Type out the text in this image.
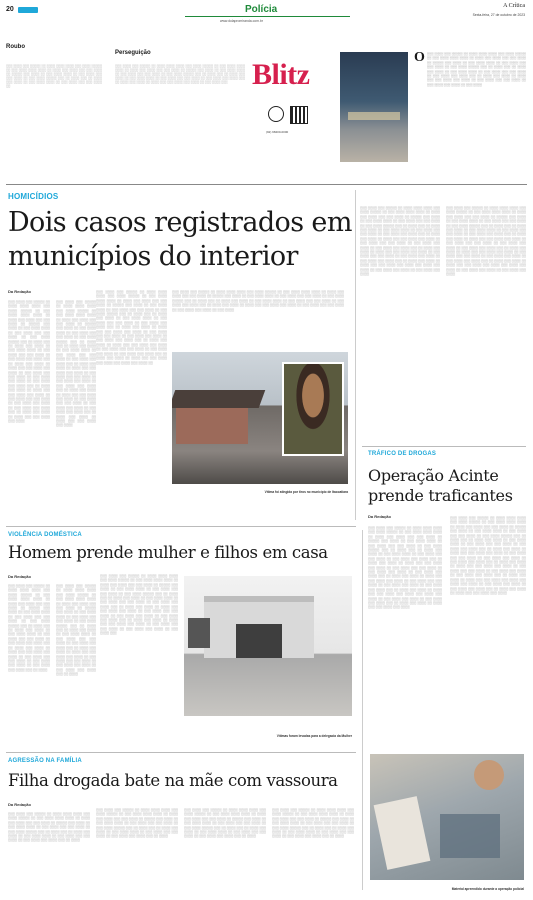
20	Polícia
www.dolapromiranda.com.br
A Crítica
Sexta-feira, 27 de outubro de 2023
Roubo
░░░ ░░░░ ░░░ ░░░░░ ░░ ░░░░ ░░░░ ░░░░ ░░░ ░░░░ ░░░░░ ░░ ░░░ ░░░░ ░░░░ ░░░░ ░░ ░░░░ ░░░ ░░░░ ░░░ ░░░ ░░░░ ░░ ░░░░░ ░░░ ░░░░ ░░ ░░░ ░░░░ ░░░░ ░░ ░░░ ░░░░ ░░░ ░░░ ░░░░ ░░ ░░░ ░░░░ ░░░░░ ░░░ ░░ ░░░░ ░░░ ░░ ░░░░ ░░░ ░░░░ ░░ ░░░ ░░░░ ░░░░ ░░ ░░░ ░░░░ ░░░ ░░░ ░░░░ ░░
Perseguição
░░░ ░░░░ ░░░ ░░░░░ ░░ ░░░░ ░░░░ ░░░░ ░░░ ░░░░ ░░░░░ ░░ ░░░ ░░░░ ░░░░ ░░░░ ░░ ░░░░ ░░░ ░░░░ ░░░ ░░░ ░░░░ ░░ ░░░░░ ░░░ ░░░░ ░░ ░░░ ░░░░ ░░░░ ░░ ░░░ ░░░░ ░░░ ░░░ ░░░░ ░░ ░░░ ░░░░ ░░░░░ ░░░ ░░ ░░░░ ░░░ ░░ ░░░░ ░░░ ░░░░ ░░ ░░░ ░░░░ ░░░░ ░░ ░░░ ░░░░ ░░░ ░░░ ░░░░ ░░ ░░░ ░░░░ ░░░ ░░░░ ░░░ ░░ ░░░░ ░░░ ░░░░ ░░ ░░░░ ░░░ ░░░ ░░░░ ░░░ ░░░░ ░░ ░░░ ░░░░ ░░░ Blitz
(92) 98400-0000
O ░░░ ░░░░ ░░░ ░░░░░ ░░ ░░░░ ░░░░ ░░░░ ░░░ ░░░░ ░░░░░ ░░ ░░░ ░░░░ ░░░░ ░░░░ ░░ ░░░░ ░░░ ░░░░ ░░░ ░░░ ░░░░ ░░ ░░░░░ ░░░ ░░░░ ░░ ░░░ ░░░░ ░░░░ ░░ ░░░ ░░░░ ░░░ ░░░ ░░░░ ░░ ░░░ ░░░░ ░░░░░ ░░░ ░░ ░░░░ ░░░ ░░ ░░░░ ░░░ ░░░░ ░░ ░░░ ░░░░ ░░░░ ░░ ░░░ ░░░░ ░░░ ░░░ ░░░░ ░░ ░░░ ░░░░ ░░░ ░░░░ ░░░ ░░ ░░░░ ░░░ ░░░░ ░░ ░░░░ ░░░ ░░░ ░░░░ ░░░ ░░░░ ░░ ░░░ ░░░░ ░░░ ░░░ ░░░░ ░░ ░░░ ░░░░ ░░░ ░░░░ ░░ ░░░ ░░░░
HOMICÍDIOS
Dois casos registrados em municípios do interior
Da Redação
░░░ ░░░░ ░░░ ░░░░░ ░░ ░░░░ ░░░░ ░░░░ ░░░ ░░░░ ░░░░░ ░░ ░░░ ░░░░ ░░░░ ░░░░ ░░ ░░░░ ░░░ ░░░░ ░░░ ░░░ ░░░░ ░░ ░░░░░ ░░░ ░░░░ ░░ ░░░ ░░░░ ░░░░ ░░ ░░░ ░░░░ ░░░ ░░░ ░░░░ ░░ ░░░ ░░░░ ░░░░░ ░░░ ░░ ░░░░ ░░░ ░░ ░░░░ ░░░ ░░░░ ░░ ░░░ ░░░░ ░░░░ ░░ ░░░ ░░░░ ░░░ ░░░ ░░░░ ░░ ░░░ ░░░░ ░░░ ░░░░ ░░░ ░░ ░░░░ ░░░ ░░░░ ░░ ░░░░ ░░░ ░░░ ░░░░ ░░░ ░░░░ ░░ ░░░ ░░░░ ░░░ ░░░ ░░░░ ░░ ░░░ ░░░░ ░░░ ░░░░ ░░ ░░░ ░░░░ ░░░ ░░░░ ░░░ ░░ ░░░░ ░░░ ░░░░ ░░ ░░░░ ░░░ ░░░ ░░░░ ░░░ ░░░░ ░░ ░░░ ░░░░ ░░░ ░░░ ░░░░ ░░ ░░░ ░░░░ ░░░ ░░░░ ░░ ░░░ ░░░░ ░░░ ░░░░ ░░░ ░░ ░░░░ ░░░ ░░░░ ░░ ░░░░ ░░░ ░░░ ░░░░ ░░░ ░░░░
░░░ ░░░░ ░░░ ░░░░░ ░░ ░░░░ ░░░░ ░░░░ ░░░ ░░░░ ░░░░░ ░░ ░░░ ░░░░ ░░░░ ░░░░ ░░ ░░░░ ░░░ ░░░░ ░░░ ░░░ ░░░░ ░░ ░░░░░ ░░░ ░░░░ ░░ ░░░ ░░░░ ░░░░ ░░ ░░░ ░░░░ ░░░ ░░░ ░░░░ ░░ ░░░ ░░░░ ░░░░░ ░░░ ░░ ░░░░ ░░░ ░░ ░░░░ ░░░ ░░░░ ░░ ░░░ ░░░░ ░░░░ ░░ ░░░ ░░░░ ░░░ ░░░ ░░░░ ░░ ░░░ ░░░░ ░░░ ░░░░ ░░░ ░░ ░░░░ ░░░ ░░░░ ░░ ░░░░ ░░░ ░░░ ░░░░ ░░░ ░░░░ ░░ ░░░ ░░░░ ░░░ ░░░ ░░░░ ░░ ░░░ ░░░░ ░░░ ░░░░ ░░ ░░░ ░░░░ ░░░ ░░░░ ░░░ ░░ ░░░░ ░░░ ░░░░ ░░ ░░░░ ░░░ ░░░ ░░░░ ░░░ ░░░░ ░░ ░░░ ░░░░ ░░░ ░░░ ░░░░ ░░ ░░░ ░░░░ ░░░ ░░░░ ░░ ░░░ ░░░░ ░░░ ░░░░ ░░░ ░░ ░░░░ ░░░ ░░░░ ░░ ░░░░ ░░░ ░░░ ░░░░ ░░░ ░░░░
░░░ ░░░░ ░░░ ░░░░░ ░░ ░░░░ ░░░░ ░░░░ ░░░ ░░░░ ░░░░░ ░░ ░░░ ░░░░ ░░░░ ░░░░ ░░ ░░░░ ░░░ ░░░░ ░░░ ░░░ ░░░░ ░░ ░░░░░ ░░░ ░░░░ ░░ ░░░ ░░░░ ░░░░ ░░ ░░░ ░░░░ ░░░ ░░░ ░░░░ ░░ ░░░ ░░░░ ░░░░░ ░░░ ░░ ░░░░ ░░░ ░░ ░░░░ ░░░ ░░░░ ░░ ░░░ ░░░░ ░░░░ ░░ ░░░ ░░░░ ░░░ ░░░ ░░░░ ░░ ░░░ ░░░░ ░░░ ░░░░ ░░░ ░░ ░░░░ ░░░ ░░░░ ░░ ░░░░ ░░░ ░░░ ░░░░ ░░░ ░░░░ ░░ ░░░ ░░░░ ░░░ ░░░ ░░░░ ░░ ░░░ ░░░░ ░░░ ░░░░ ░░ ░░░ ░░░░ ░░░ ░░░░ ░░░ ░░ ░░░░ ░░░ ░░░░ ░░ ░░░░ ░░░ ░░░ ░░░░ ░░░ ░░░░ ░░ ░░░ ░░░░ ░░░ ░░░ ░░░░ ░░ ░░░ ░░░░ ░░░ ░░░░ ░░ ░░░ ░░░░ ░░░ ░░░░ ░░░ ░░ ░░░░ ░░░ ░░░░ ░░ ░░░░ ░░░ ░░░ ░░░░ ░░░ ░░░░ ░░░ ░░░░ ░░░ ░░░░ ░░
░░░ ░░░░ ░░░ ░░░░░ ░░ ░░░░ ░░░░ ░░░░ ░░░ ░░░░ ░░░░░ ░░ ░░░ ░░░░ ░░░░ ░░░░ ░░ ░░░░ ░░░ ░░░░ ░░░ ░░░ ░░░░ ░░ ░░░░░ ░░░ ░░░░ ░░ ░░░ ░░░░ ░░░░ ░░ ░░░ ░░░░ ░░░ ░░░ ░░░░ ░░ ░░░ ░░░░ ░░░░░ ░░░ ░░ ░░░░ ░░░ ░░ ░░░░ ░░░ ░░░░ ░░ ░░░ ░░░░ ░░░░ ░░ ░░░ ░░░░ ░░░ ░░░ ░░░░ ░░ ░░░ ░░░░ ░░░ ░░░░ ░░░ ░░ ░░░░ ░░░ ░░░░ ░░ ░░░░ ░░░ ░░░ ░░░░ ░░░ ░░░░ ░░ ░░░ ░░░░ ░░░ ░░░ ░░░░ ░░ ░░░ ░░░░ ░░░ ░░░░ ░░ ░░░ ░░░░
Vítima foi atingida por tiros no município de Itacoatiara
░░░ ░░░░ ░░░ ░░░░░ ░░ ░░░░ ░░░░ ░░░░ ░░░ ░░░░ ░░░░░ ░░ ░░░ ░░░░ ░░░░ ░░░░ ░░ ░░░░ ░░░ ░░░░ ░░░ ░░░ ░░░░ ░░ ░░░░░ ░░░ ░░░░ ░░ ░░░ ░░░░ ░░░░ ░░ ░░░ ░░░░ ░░░ ░░░ ░░░░ ░░ ░░░ ░░░░ ░░░░░ ░░░ ░░ ░░░░ ░░░ ░░ ░░░░ ░░░ ░░░░ ░░ ░░░ ░░░░ ░░░░ ░░ ░░░ ░░░░ ░░░ ░░░ ░░░░ ░░ ░░░ ░░░░ ░░░ ░░░░ ░░░ ░░ ░░░░ ░░░ ░░░░ ░░ ░░░░ ░░░ ░░░ ░░░░ ░░░ ░░░░ ░░ ░░░ ░░░░ ░░░ ░░░ ░░░░ ░░ ░░░ ░░░░ ░░░ ░░░░ ░░ ░░░ ░░░░ ░░░ ░░░░ ░░░ ░░ ░░░░ ░░░ ░░░░ ░░ ░░░░ ░░░ ░░░ ░░░░ ░░░ ░░░░ ░░ ░░░ ░░░░ ░░░ ░░░ ░░░░ ░░ ░░░ ░░░░ ░░░ ░░░░ ░░ ░░░ ░░░░ ░░░ ░░░░ ░░░ ░░ ░░░░ ░░░ ░░░░ ░░ ░░░░ ░░░ ░░░ ░░░░ ░░░ ░░░░ ░░░ ░░░░ ░░░ ░░░░ ░░ ░░░ ░░░░ ░░░ ░░░░ ░░ ░░░ ░░░░ ░░░ ░░░░
░░░ ░░░░ ░░░ ░░░░░ ░░ ░░░░ ░░░░ ░░░░ ░░░ ░░░░ ░░░░░ ░░ ░░░ ░░░░ ░░░░ ░░░░ ░░ ░░░░ ░░░ ░░░░ ░░░ ░░░ ░░░░ ░░ ░░░░░ ░░░ ░░░░ ░░ ░░░ ░░░░ ░░░░ ░░ ░░░ ░░░░ ░░░ ░░░ ░░░░ ░░ ░░░ ░░░░ ░░░░░ ░░░ ░░ ░░░░ ░░░ ░░ ░░░░ ░░░ ░░░░ ░░ ░░░ ░░░░ ░░░░ ░░ ░░░ ░░░░ ░░░ ░░░ ░░░░ ░░ ░░░ ░░░░ ░░░ ░░░░ ░░░ ░░ ░░░░ ░░░ ░░░░ ░░ ░░░░ ░░░ ░░░ ░░░░ ░░░ ░░░░ ░░ ░░░ ░░░░ ░░░ ░░░ ░░░░ ░░ ░░░ ░░░░ ░░░ ░░░░ ░░ ░░░ ░░░░ ░░░ ░░░░ ░░░ ░░ ░░░░ ░░░ ░░░░ ░░ ░░░░ ░░░ ░░░ ░░░░ ░░░ ░░░░ ░░ ░░░ ░░░░ ░░░ ░░░ ░░░░ ░░ ░░░ ░░░░ ░░░ ░░░░ ░░ ░░░ ░░░░ ░░░ ░░░░ ░░░ ░░ ░░░░ ░░░ ░░░░ ░░ ░░░░ ░░░ ░░░ ░░░░ ░░░ ░░░░ ░░░ ░░░░ ░░░ ░░░░ ░░ ░░░ ░░░░ ░░░ ░░░░ ░░ ░░░ ░░░░ ░░░ ░░░░
TRÁFICO DE DROGAS
Operação Acinte prende traficantes
Da Redação
░░░ ░░░░ ░░░ ░░░░░ ░░ ░░░░ ░░░░ ░░░░ ░░░ ░░░░ ░░░░░ ░░ ░░░ ░░░░ ░░░░ ░░░░ ░░ ░░░░ ░░░ ░░░░ ░░░ ░░░ ░░░░ ░░ ░░░░░ ░░░ ░░░░ ░░ ░░░ ░░░░ ░░░░ ░░ ░░░ ░░░░ ░░░ ░░░ ░░░░ ░░ ░░░ ░░░░ ░░░░░ ░░░ ░░ ░░░░ ░░░ ░░ ░░░░ ░░░ ░░░░ ░░ ░░░ ░░░░ ░░░░ ░░ ░░░ ░░░░ ░░░ ░░░ ░░░░ ░░ ░░░ ░░░░ ░░░ ░░░░ ░░░ ░░ ░░░░ ░░░ ░░░░ ░░ ░░░░ ░░░ ░░░ ░░░░ ░░░ ░░░░ ░░ ░░░ ░░░░ ░░░ ░░░ ░░░░ ░░ ░░░ ░░░░ ░░░ ░░░░ ░░ ░░░ ░░░░ ░░░ ░░░░ ░░░ ░░ ░░░░ ░░░ ░░░░ ░░ ░░░░ ░░░ ░░░ ░░░░ ░░░ ░░░░ ░░ ░░░ ░░░░ ░░░ ░░░ ░░░░ ░░ ░░░ ░░░░ ░░░ ░░░░ ░░ ░░░ ░░░░ ░░░ ░░░░ ░░░ ░░ ░░░░ ░░░ ░░░░ ░░ ░░░░ ░░░ ░░░ ░░░░ ░░░ ░░░░ ░░░ ░░░░ ░░░ ░░░░ ░░ ░░░ ░░░░ ░░░ ░░░░ ░░ ░░░ ░░░░ ░░░ ░░░░ ░░░ ░░ ░░░░ ░░░ ░░░░ ░░ ░░░░ ░░░ ░░░ ░░░░ ░░░ ░░░░
░░░ ░░░░ ░░░ ░░░░░ ░░ ░░░░ ░░░░ ░░░░ ░░░ ░░░░ ░░░░░ ░░ ░░░ ░░░░ ░░░░ ░░░░ ░░ ░░░░ ░░░ ░░░░ ░░░ ░░░ ░░░░ ░░ ░░░░░ ░░░ ░░░░ ░░ ░░░ ░░░░ ░░░░ ░░ ░░░ ░░░░ ░░░ ░░░ ░░░░ ░░ ░░░ ░░░░ ░░░░░ ░░░ ░░ ░░░░ ░░░ ░░ ░░░░ ░░░ ░░░░ ░░ ░░░ ░░░░ ░░░░ ░░ ░░░ ░░░░ ░░░ ░░░ ░░░░ ░░ ░░░ ░░░░ ░░░ ░░░░ ░░░ ░░ ░░░░ ░░░ ░░░░ ░░ ░░░░ ░░░ ░░░ ░░░░ ░░░ ░░░░ ░░ ░░░ ░░░░ ░░░ ░░░ ░░░░ ░░ ░░░ ░░░░ ░░░ ░░░░ ░░ ░░░ ░░░░ ░░░ ░░░░ ░░░ ░░ ░░░░ ░░░ ░░░░ ░░ ░░░░ ░░░ ░░░ ░░░░ ░░░ ░░░░ ░░ ░░░ ░░░░ ░░░ ░░░ ░░░░ ░░ ░░░ ░░░░ ░░░ ░░░░ ░░ ░░░ ░░░░ ░░░ ░░░░ ░░░ ░░ ░░░░ ░░░ ░░░░ ░░ ░░░░ ░░░ ░░░ ░░░░ ░░░ ░░░░ ░░░ ░░░░ ░░░ ░░░░ ░░ ░░░ ░░░░ ░░░ ░░░░ ░░ ░░░ ░░░░ ░░░ ░░░░ ░░░ ░░ ░░░░ ░░░ ░░░░ ░░ ░░░░ ░░░ ░░░ ░░░░ ░░░ ░░░░
Material apreendido durante a operação policial
VIOLÊNCIA DOMÉSTICA
Homem prende mulher e filhos em casa
Da Redação
░░░ ░░░░ ░░░ ░░░░░ ░░ ░░░░ ░░░░ ░░░░ ░░░ ░░░░ ░░░░░ ░░ ░░░ ░░░░ ░░░░ ░░░░ ░░ ░░░░ ░░░ ░░░░ ░░░ ░░░ ░░░░ ░░ ░░░░░ ░░░ ░░░░ ░░ ░░░ ░░░░ ░░░░ ░░ ░░░ ░░░░ ░░░ ░░░ ░░░░ ░░ ░░░ ░░░░ ░░░░░ ░░░ ░░ ░░░░ ░░░ ░░ ░░░░ ░░░ ░░░░ ░░ ░░░ ░░░░ ░░░░ ░░ ░░░ ░░░░ ░░░ ░░░ ░░░░ ░░ ░░░ ░░░░ ░░░ ░░░░ ░░░ ░░ ░░░░ ░░░ ░░░░ ░░ ░░░░ ░░░ ░░░ ░░░░ ░░░ ░░░░ ░░ ░░░ ░░░░ ░░░ ░░░ ░░░░ ░░ ░░░ ░░░░ ░░░ ░░░░ ░░ ░░░ ░░░░ ░░░ ░░░░ ░░░ ░░ ░░░░
░░░ ░░░░ ░░░ ░░░░░ ░░ ░░░░ ░░░░ ░░░░ ░░░ ░░░░ ░░░░░ ░░ ░░░ ░░░░ ░░░░ ░░░░ ░░ ░░░░ ░░░ ░░░░ ░░░ ░░░ ░░░░ ░░ ░░░░░ ░░░ ░░░░ ░░ ░░░ ░░░░ ░░░░ ░░ ░░░ ░░░░ ░░░ ░░░ ░░░░ ░░ ░░░ ░░░░ ░░░░░ ░░░ ░░ ░░░░ ░░░ ░░ ░░░░ ░░░ ░░░░ ░░ ░░░ ░░░░ ░░░░ ░░ ░░░ ░░░░ ░░░ ░░░ ░░░░ ░░ ░░░ ░░░░ ░░░ ░░░░ ░░░ ░░ ░░░░ ░░░ ░░░░ ░░ ░░░░ ░░░ ░░░ ░░░░ ░░░ ░░░░ ░░ ░░░ ░░░░ ░░░ ░░░ ░░░░ ░░ ░░░ ░░░░ ░░░ ░░░░ ░░ ░░░ ░░░░ ░░░ ░░░░ ░░░ ░░ ░░░░
░░░ ░░░░ ░░░ ░░░░░ ░░ ░░░░ ░░░░ ░░░░ ░░░ ░░░░ ░░░░░ ░░ ░░░ ░░░░ ░░░░ ░░░░ ░░ ░░░░ ░░░ ░░░░ ░░░ ░░░ ░░░░ ░░ ░░░░░ ░░░ ░░░░ ░░ ░░░ ░░░░ ░░░░ ░░ ░░░ ░░░░ ░░░ ░░░ ░░░░ ░░ ░░░ ░░░░ ░░░░░ ░░░ ░░ ░░░░ ░░░ ░░ ░░░░ ░░░ ░░░░ ░░ ░░░ ░░░░ ░░░░ ░░ ░░░ ░░░░ ░░░ ░░░ ░░░░ ░░ ░░░ ░░░░ ░░░ ░░░░ ░░░ ░░ ░░░░ ░░░ ░░░░ ░░ ░░░░ ░░░ ░░░ ░░░░ ░░░ ░░░░ ░░ ░░░ ░░░░ ░░░ ░░░ ░░░░ ░░ ░░░ ░░░░ ░░░ ░░░░ ░░ ░░░ ░░░░ ░░░ ░░░░ ░░░ ░░ ░░░░ ░░░ ░░░░ ░░ ░░░░ ░░░ ░░░ ░░░░ ░░░ ░░░░ ░░ ░░░ ░░░░ ░░░ ░░░ ░░░░ ░░ ░░░ ░░░░ ░░░ ░░░░ ░░ ░░░ ░░░░ ░░░
Vítimas foram levadas para a delegacia da Mulher
AGRESSÃO NA FAMÍLIA
Filha drogada bate na mãe com vassoura
Da Redação
░░░ ░░░░ ░░░ ░░░░░ ░░ ░░░░ ░░░░ ░░░░ ░░░ ░░░░ ░░░░░ ░░ ░░░ ░░░░ ░░░░ ░░░░ ░░ ░░░░ ░░░ ░░░░ ░░░ ░░░ ░░░░ ░░ ░░░░░ ░░░ ░░░░ ░░ ░░░ ░░░░ ░░░░ ░░ ░░░ ░░░░ ░░░ ░░░ ░░░░ ░░ ░░░ ░░░░ ░░░░░ ░░░ ░░ ░░░░ ░░░ ░░ ░░░░ ░░░ ░░░░ ░░ ░░░ ░░░░ ░░░░ ░░ ░░░ ░░░░ ░░░ ░░░ ░░░░ ░░ ░░░ ░░░░ ░░░ ░░░░ ░░░ ░░ ░░░░
░░░ ░░░░ ░░░ ░░░░░ ░░ ░░░░ ░░░░ ░░░░ ░░░ ░░░░ ░░░░░ ░░ ░░░ ░░░░ ░░░░ ░░░░ ░░ ░░░░ ░░░ ░░░░ ░░░ ░░░ ░░░░ ░░ ░░░░░ ░░░ ░░░░ ░░ ░░░ ░░░░ ░░░░ ░░ ░░░ ░░░░ ░░░ ░░░ ░░░░ ░░ ░░░ ░░░░ ░░░░░ ░░░ ░░ ░░░░ ░░░ ░░ ░░░░ ░░░ ░░░░ ░░ ░░░ ░░░░ ░░░░ ░░ ░░░ ░░░░ ░░░ ░░░ ░░░░ ░░ ░░░ ░░░░ ░░░ ░░░░ ░░░ ░░ ░░░░
░░░ ░░░░ ░░░ ░░░░░ ░░ ░░░░ ░░░░ ░░░░ ░░░ ░░░░ ░░░░░ ░░ ░░░ ░░░░ ░░░░ ░░░░ ░░ ░░░░ ░░░ ░░░░ ░░░ ░░░ ░░░░ ░░ ░░░░░ ░░░ ░░░░ ░░ ░░░ ░░░░ ░░░░ ░░ ░░░ ░░░░ ░░░ ░░░ ░░░░ ░░ ░░░ ░░░░ ░░░░░ ░░░ ░░ ░░░░ ░░░ ░░ ░░░░ ░░░ ░░░░ ░░ ░░░ ░░░░ ░░░░ ░░ ░░░ ░░░░ ░░░ ░░░ ░░░░ ░░ ░░░ ░░░░ ░░░ ░░░░ ░░░ ░░ ░░░░
░░░ ░░░░ ░░░ ░░░░░ ░░ ░░░░ ░░░░ ░░░░ ░░░ ░░░░ ░░░░░ ░░ ░░░ ░░░░ ░░░░ ░░░░ ░░ ░░░░ ░░░ ░░░░ ░░░ ░░░ ░░░░ ░░ ░░░░░ ░░░ ░░░░ ░░ ░░░ ░░░░ ░░░░ ░░ ░░░ ░░░░ ░░░ ░░░ ░░░░ ░░ ░░░ ░░░░ ░░░░░ ░░░ ░░ ░░░░ ░░░ ░░ ░░░░ ░░░ ░░░░ ░░ ░░░ ░░░░ ░░░░ ░░ ░░░ ░░░░ ░░░ ░░░ ░░░░ ░░ ░░░ ░░░░ ░░░ ░░░░ ░░░ ░░ ░░░░
